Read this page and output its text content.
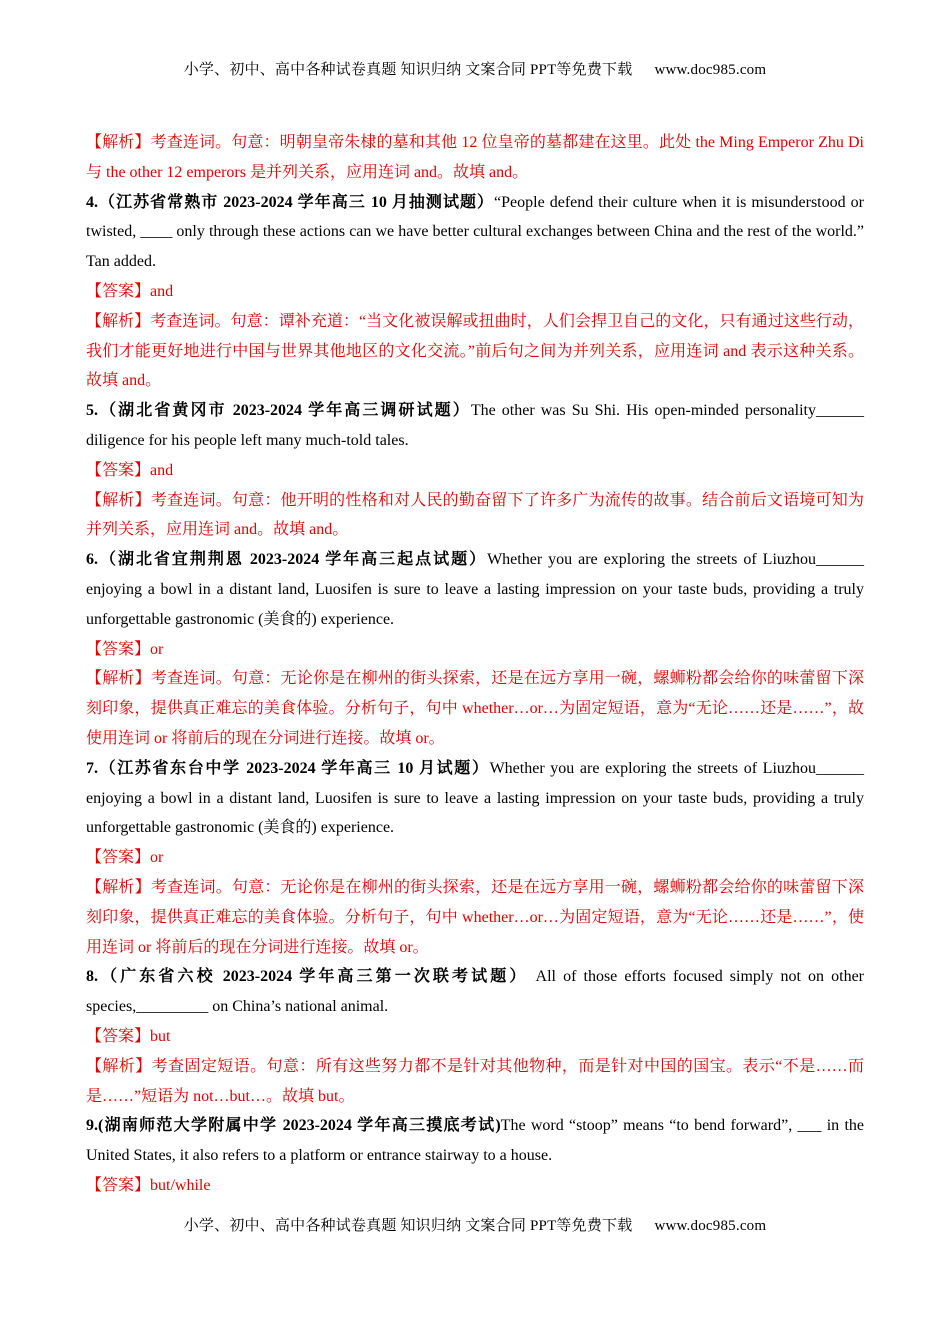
小学、初中、高中各种试卷真题 知识归纳 文案合同 PPT等免费下载 www.doc985.com

【解析】考查连词。句意：明朝皇帝朱棣的墓和其他 12 位皇帝的墓都建在这里。此处 the Ming Emperor Zhu Di 与 the other 12 emperors 是并列关系，应用连词 and。故填 and。

4.（江苏省常熟市 2023-2024 学年高三 10 月抽测试题）“People defend their culture when it is misunderstood or twisted, ____ only through these actions can we have better cultural exchanges between China and the rest of the world.” Tan added.

【答案】and

【解析】考查连词。句意：谭补充道：“当文化被误解或扭曲时，人们会捍卫自己的文化，只有通过这些行动，我们才能更好地进行中国与世界其他地区的文化交流。”前后句之间为并列关系，应用连词 and 表示这种关系。故填 and。

5.（湖北省黄冈市 2023-2024 学年高三调研试题）The other was Su Shi. His open-minded personality______ diligence for his people left many much-told tales.

【答案】and

【解析】考查连词。句意：他开明的性格和对人民的勤奋留下了许多广为流传的故事。结合前后文语境可知为并列关系，应用连词 and。故填 and。

6.（湖北省宜荆荆恩 2023-2024 学年高三起点试题）Whether you are exploring the streets of Liuzhou______ enjoying a bowl in a distant land, Luosifen is sure to leave a lasting impression on your taste buds, providing a truly unforgettable gastronomic (美食的) experience.

【答案】or

【解析】考查连词。句意：无论你是在柳州的街头探索，还是在远方享用一碗，螺蛳粉都会给你的味蕾留下深刻印象，提供真正难忘的美食体验。分析句子，句中 whether…or…为固定短语，意为“无论……还是……”，故使用连词 or 将前后的现在分词进行连接。故填 or。

7.（江苏省东台中学 2023-2024 学年高三 10 月试题）Whether you are exploring the streets of Liuzhou______ enjoying a bowl in a distant land, Luosifen is sure to leave a lasting impression on your taste buds, providing a truly unforgettable gastronomic (美食的) experience.

【答案】or

【解析】考查连词。句意：无论你是在柳州的街头探索，还是在远方享用一碗，螺蛳粉都会给你的味蕾留下深刻印象，提供真正难忘的美食体验。分析句子，句中 whether…or…为固定短语，意为“无论……还是……”，使用连词 or 将前后的现在分词进行连接。故填 or。

8.（广东省六校 2023-2024 学年高三第一次联考试题） All of those efforts focused simply not on other species,_________ on China’s national animal.

【答案】but

【解析】考查固定短语。句意：所有这些努力都不是针对其他物种，而是针对中国的国宝。表示“不是……而是……”短语为 not…but…。故填 but。

9.(湖南师范大学附属中学 2023-2024 学年高三摸底考试)The word “stoop” means “to bend forward”, ___ in the United States, it also refers to a platform or entrance stairway to a house.

【答案】but/while

小学、初中、高中各种试卷真题 知识归纳 文案合同 PPT等免费下载 www.doc985.com
